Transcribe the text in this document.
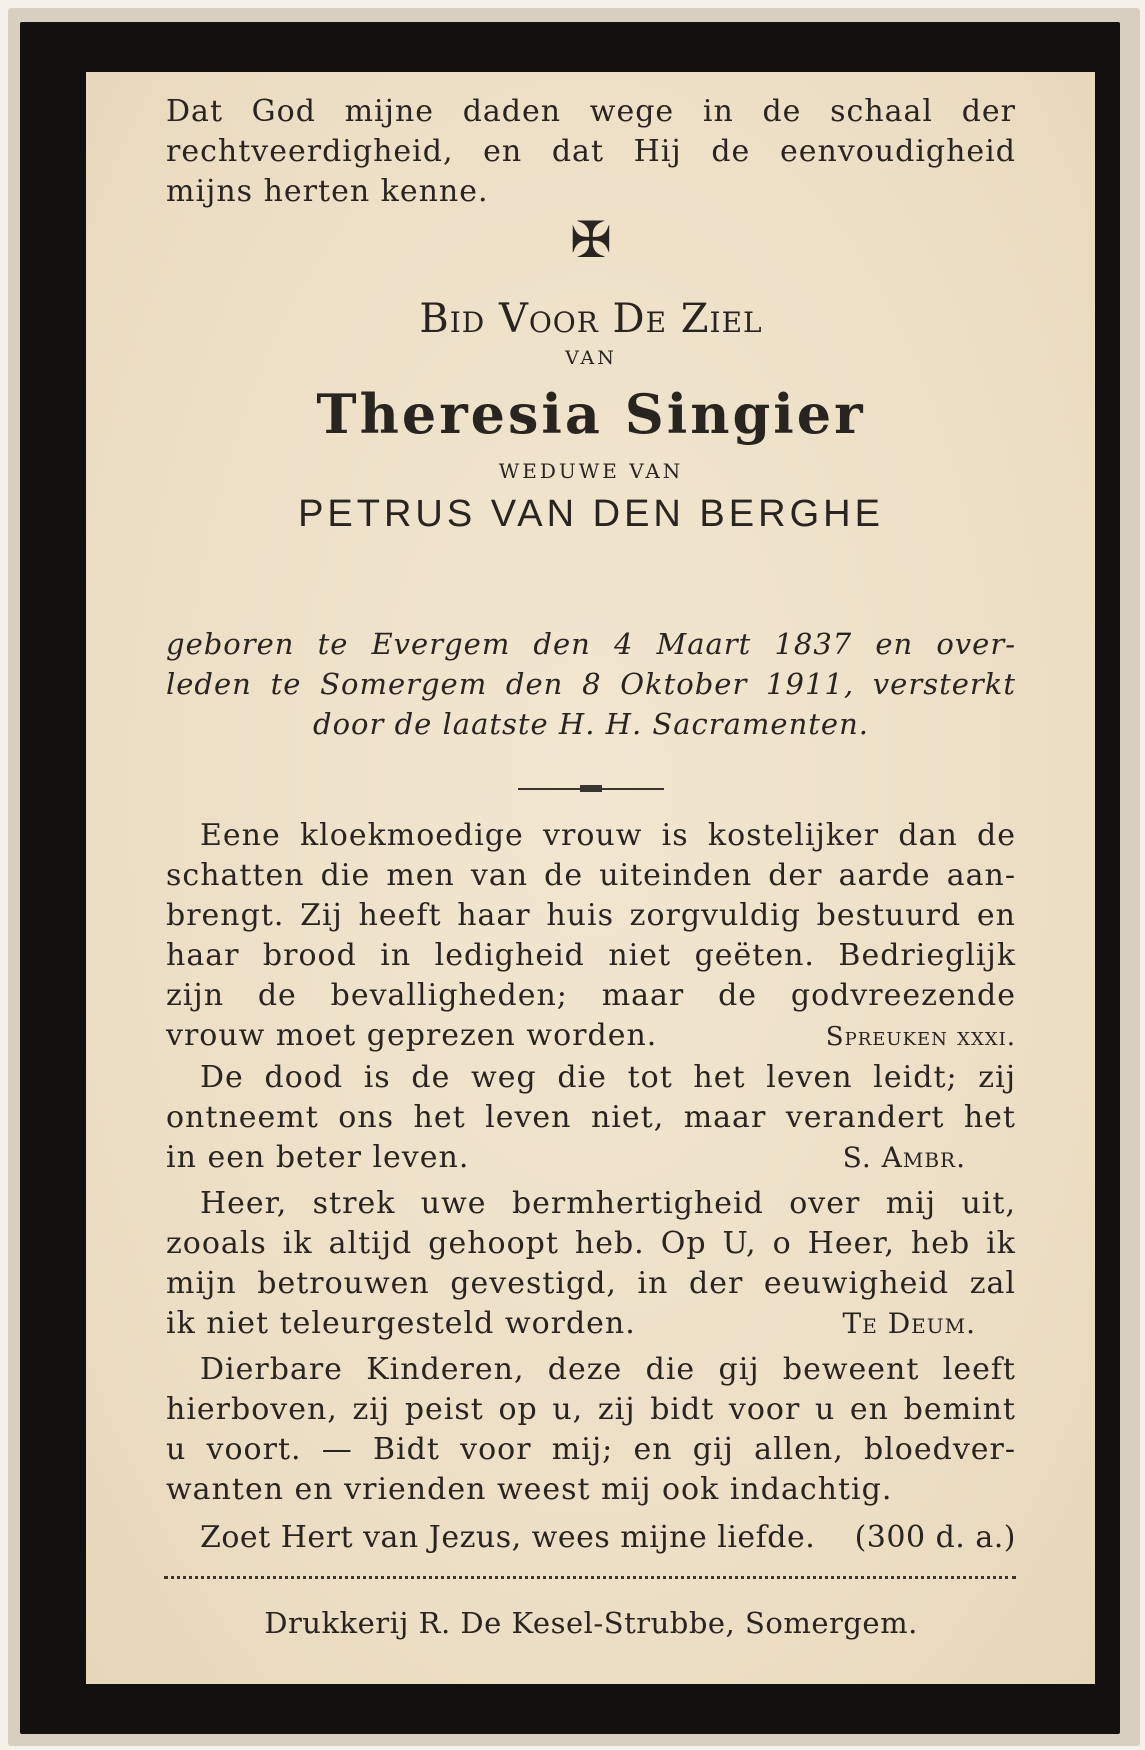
Dat God mijne daden wege in de schaal der

rechtveerdigheid, en dat Hij de eenvoudigheid

mijns herten kenne.

✠

Bid Voor De Ziel

VAN

Theresia Singier

WEDUWE VAN

PETRUS VAN DEN BERGHE

geboren te Evergem den 4 Maart 1837 en over-

leden te Somergem den 8 Oktober 1911, versterkt

door de laatste H. H. Sacramenten.

Eene kloekmoedige vrouw is kostelijker dan de

schatten die men van de uiteinden der aarde aan-

brengt. Zij heeft haar huis zorgvuldig bestuurd en

haar brood in ledigheid niet geëten. Bedrieglijk

zijn de bevalligheden; maar de godvreezende

vrouw moet geprezen worden.	Spreuken xxxi.

De dood is de weg die tot het leven leidt; zij

ontneemt ons het leven niet, maar verandert het

in een beter leven.	S. Ambr.

Heer, strek uwe bermhertigheid over mij uit,

zooals ik altijd gehoopt heb. Op U, o Heer, heb ik

mijn betrouwen gevestigd, in der eeuwigheid zal

ik niet teleurgesteld worden.	Te Deum.

Dierbare Kinderen, deze die gij beweent leeft

hierboven, zij peist op u, zij bidt voor u en bemint

u voort. — Bidt voor mij; en gij allen, bloedver-

wanten en vrienden weest mij ook indachtig.

Zoet Hert van Jezus, wees mijne liefde. (300 d. a.)
Drukkerij R. De Kesel-Strubbe, Somergem.
